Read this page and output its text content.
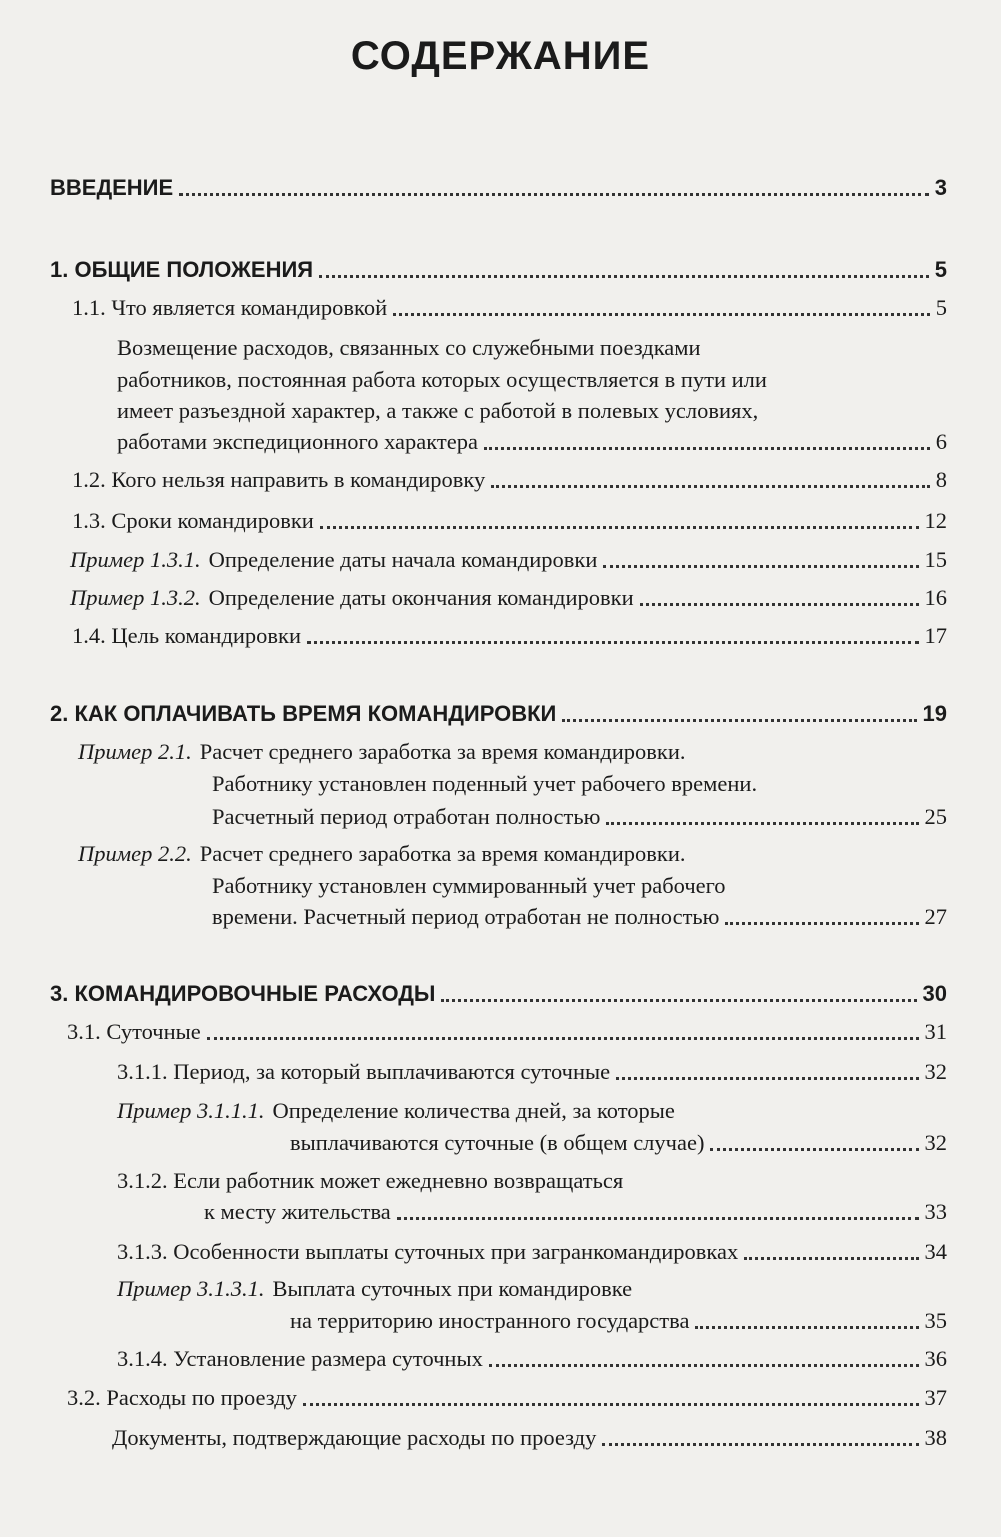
СОДЕРЖАНИЕ
ВВЕДЕНИЕ	3
1. ОБЩИЕ ПОЛОЖЕНИЯ	5
1.1. Что является командировкой	5
Возмещение расходов, связанных со служебными поездками
работников, постоянная работа которых осуществляется в пути или
имеет разъездной характер, а также с работой в полевых условиях,
работами экспедиционного характера	6
1.2. Кого нельзя направить в командировку	8
1.3. Сроки командировки	12
Пример 1.3.1. Определение даты начала командировки	15
Пример 1.3.2. Определение даты окончания командировки	16
1.4. Цель командировки	17
2. КАК ОПЛАЧИВАТЬ ВРЕМЯ КОМАНДИРОВКИ	19
Пример 2.1. Расчет среднего заработка за время командировки.
Работнику установлен поденный учет рабочего времени.
Расчетный период отработан полностью	25
Пример 2.2. Расчет среднего заработка за время командировки.
Работнику установлен суммированный учет рабочего
времени. Расчетный период отработан не полностью	27
3. КОМАНДИРОВОЧНЫЕ РАСХОДЫ	30
3.1. Суточные	31
3.1.1. Период, за который выплачиваются суточные	32
Пример 3.1.1.1. Определение количества дней, за которые
выплачиваются суточные (в общем случае)	32
3.1.2. Если работник может ежедневно возвращаться
к месту жительства	33
3.1.3. Особенности выплаты суточных при загранкомандировках	34
Пример 3.1.3.1. Выплата суточных при командировке
на территорию иностранного государства	35
3.1.4. Установление размера суточных	36
3.2. Расходы по проезду	37
Документы, подтверждающие расходы по проезду	38
